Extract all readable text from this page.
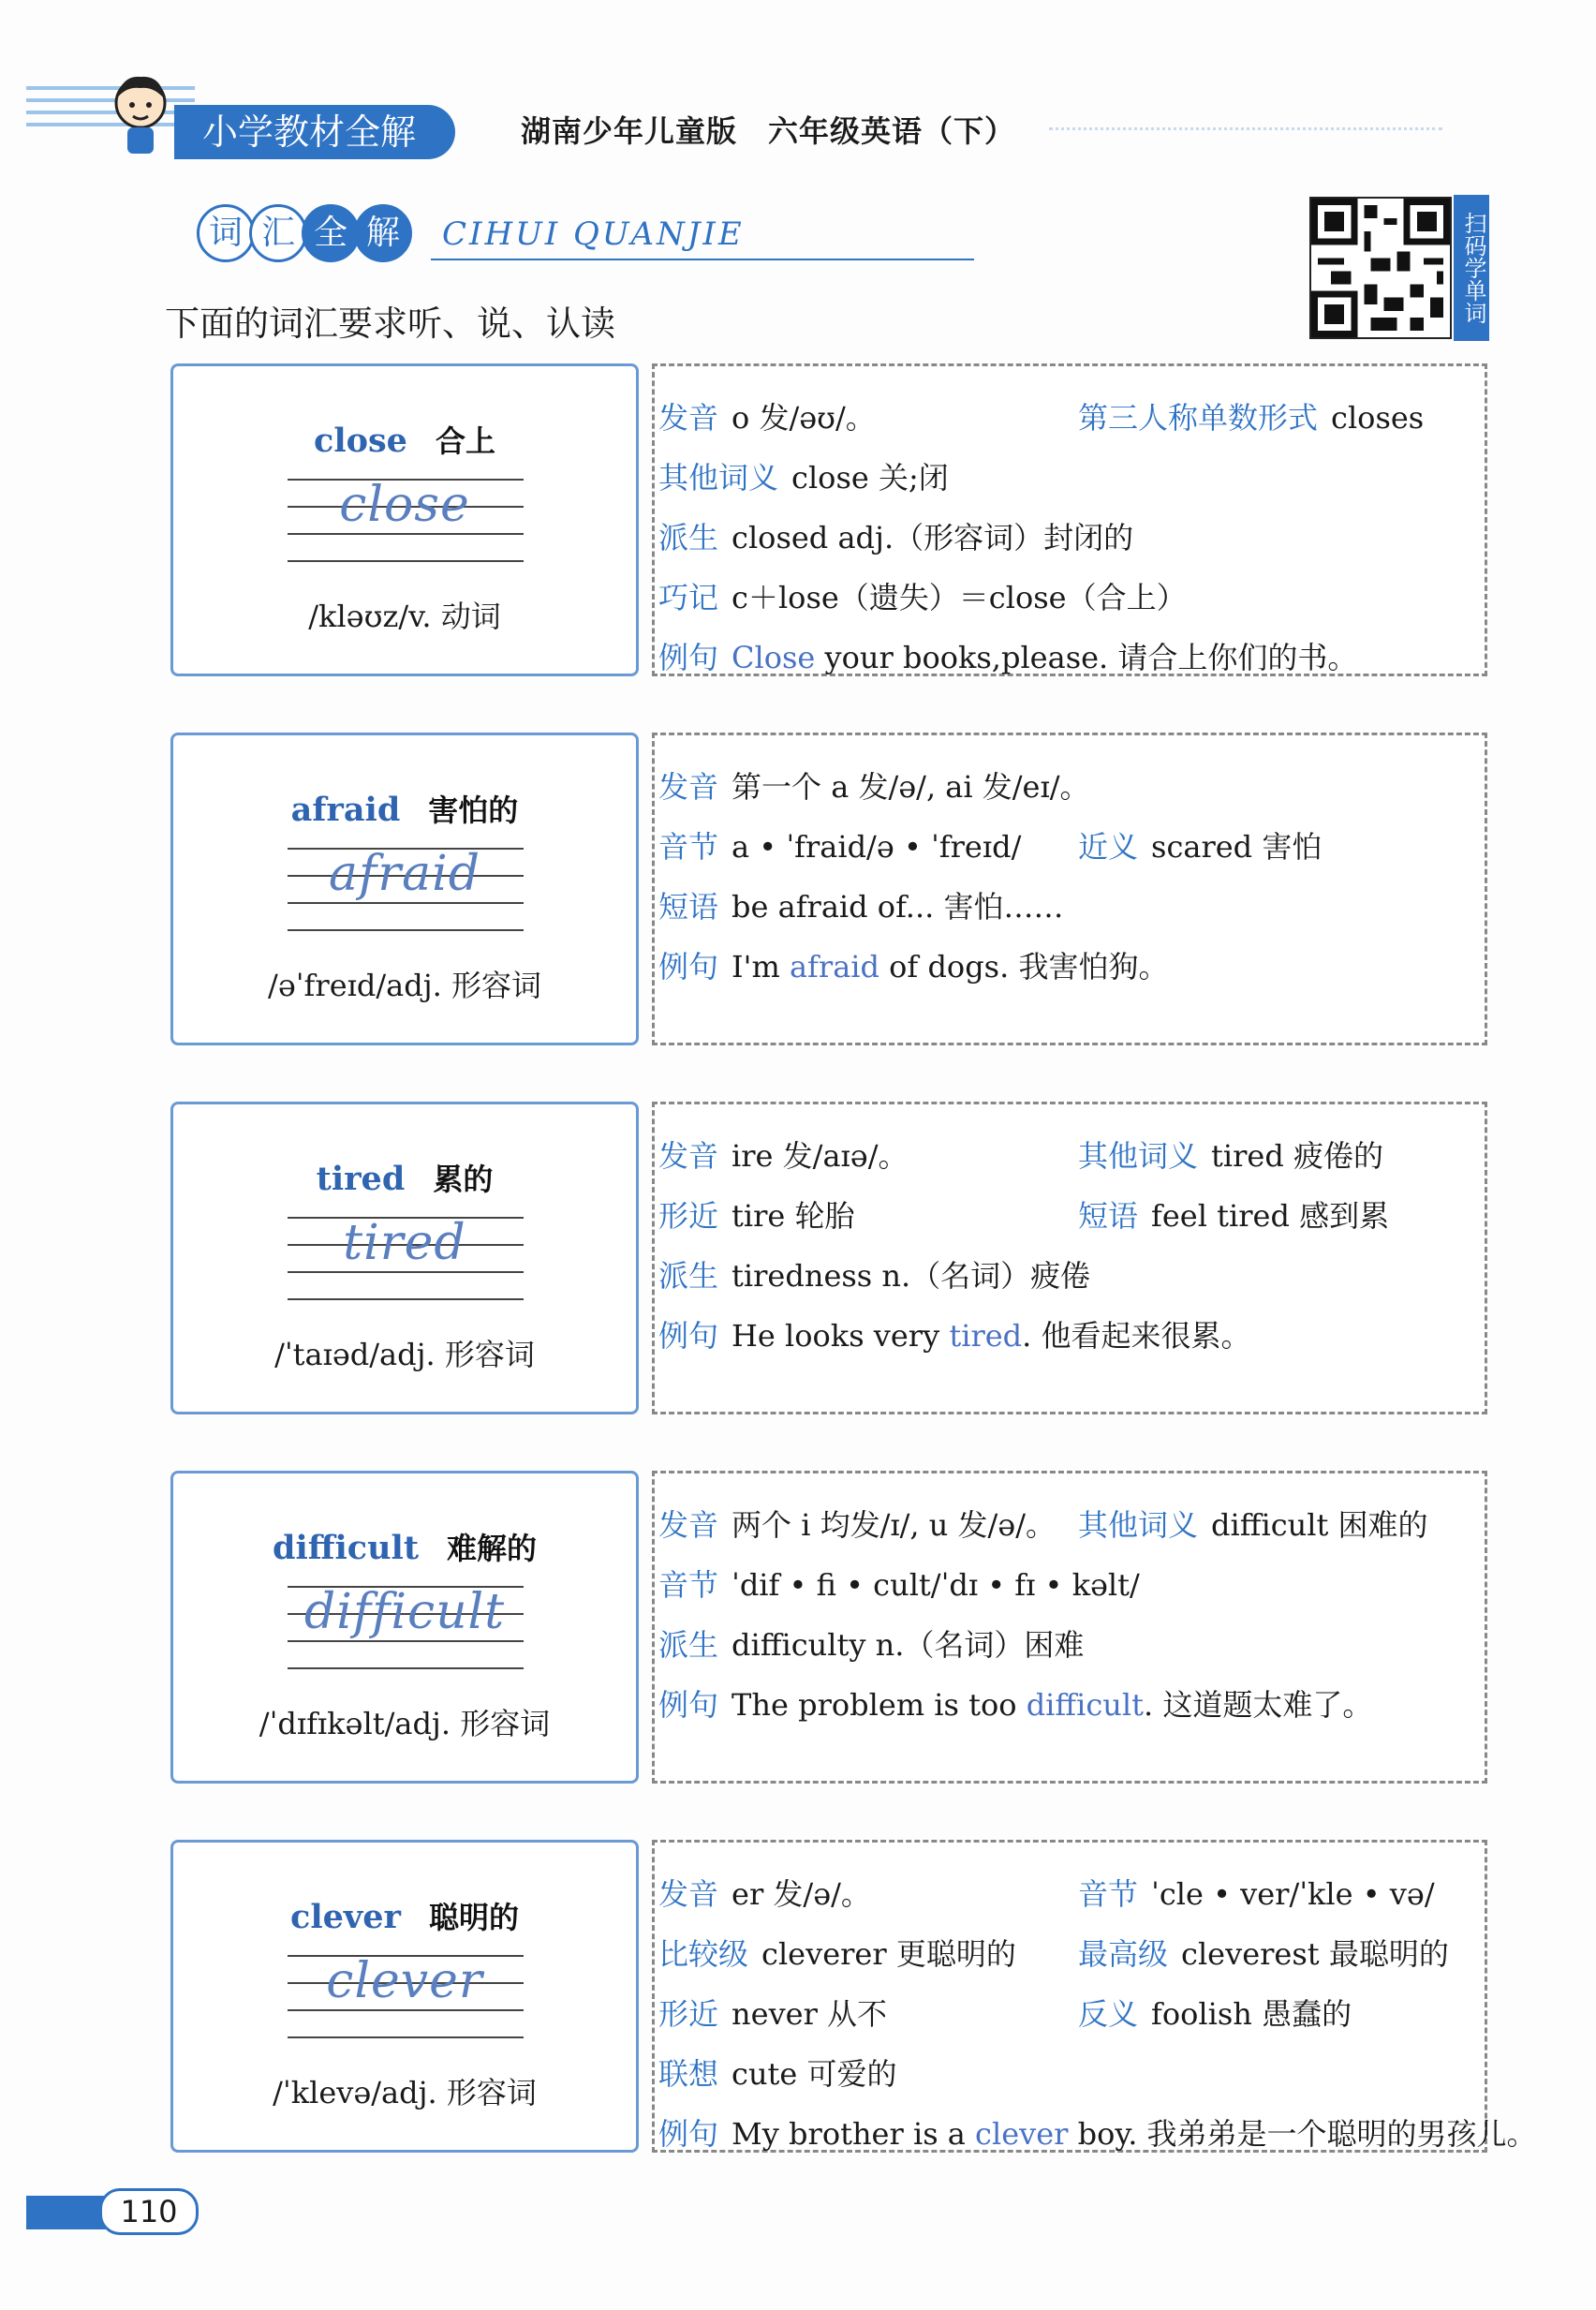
小学教材全解	湖南少年儿童版　六年级英语（下）
词 汇 全 解 CIHUI QUANJIE
下面的词汇要求听、说、认读	扫码学单词
close 合上
close
/kləʊz/v. 动词
发音 o 发/əʊ/。	第三人称单数形式 closes
其他词义 close 关;闭
派生 closed adj.（形容词）封闭的
巧记 c＋lose（遗失）＝close（合上）
例句 Close your books,please. 请合上你们的书。
afraid 害怕的
afraid
/əˈfreɪd/adj. 形容词
发音 第一个 a 发/ə/, ai 发/eɪ/。
音节 a • ˈfraid/ə • ˈfreɪd/ 近义 scared 害怕
短语 be afraid of... 害怕……
例句 I'm afraid of dogs. 我害怕狗。
tired 累的
tired
/ˈtaɪəd/adj. 形容词
发音 ire 发/aɪə/。	其他词义 tired 疲倦的
形近 tire 轮胎	短语 feel tired 感到累
派生 tiredness n.（名词）疲倦
例句 He looks very tired. 他看起来很累。
difficult 难解的
difficult
/ˈdɪfɪkəlt/adj. 形容词
发音 两个 i 均发/ɪ/, u 发/ə/。 其他词义 difficult 困难的
音节 ˈdif • fi • cult/ˈdɪ • fɪ • kəlt/
派生 difficulty n.（名词）困难
例句 The problem is too difficult. 这道题太难了。
clever 聪明的
clever
/ˈklevə/adj. 形容词
发音 er 发/ə/。	音节 ˈcle • ver/ˈkle • və/
比较级 cleverer 更聪明的 最高级 cleverest 最聪明的
形近 never 从不	反义 foolish 愚蠢的
联想 cute 可爱的
例句 My brother is a clever boy. 我弟弟是一个聪明的男孩儿。
110
